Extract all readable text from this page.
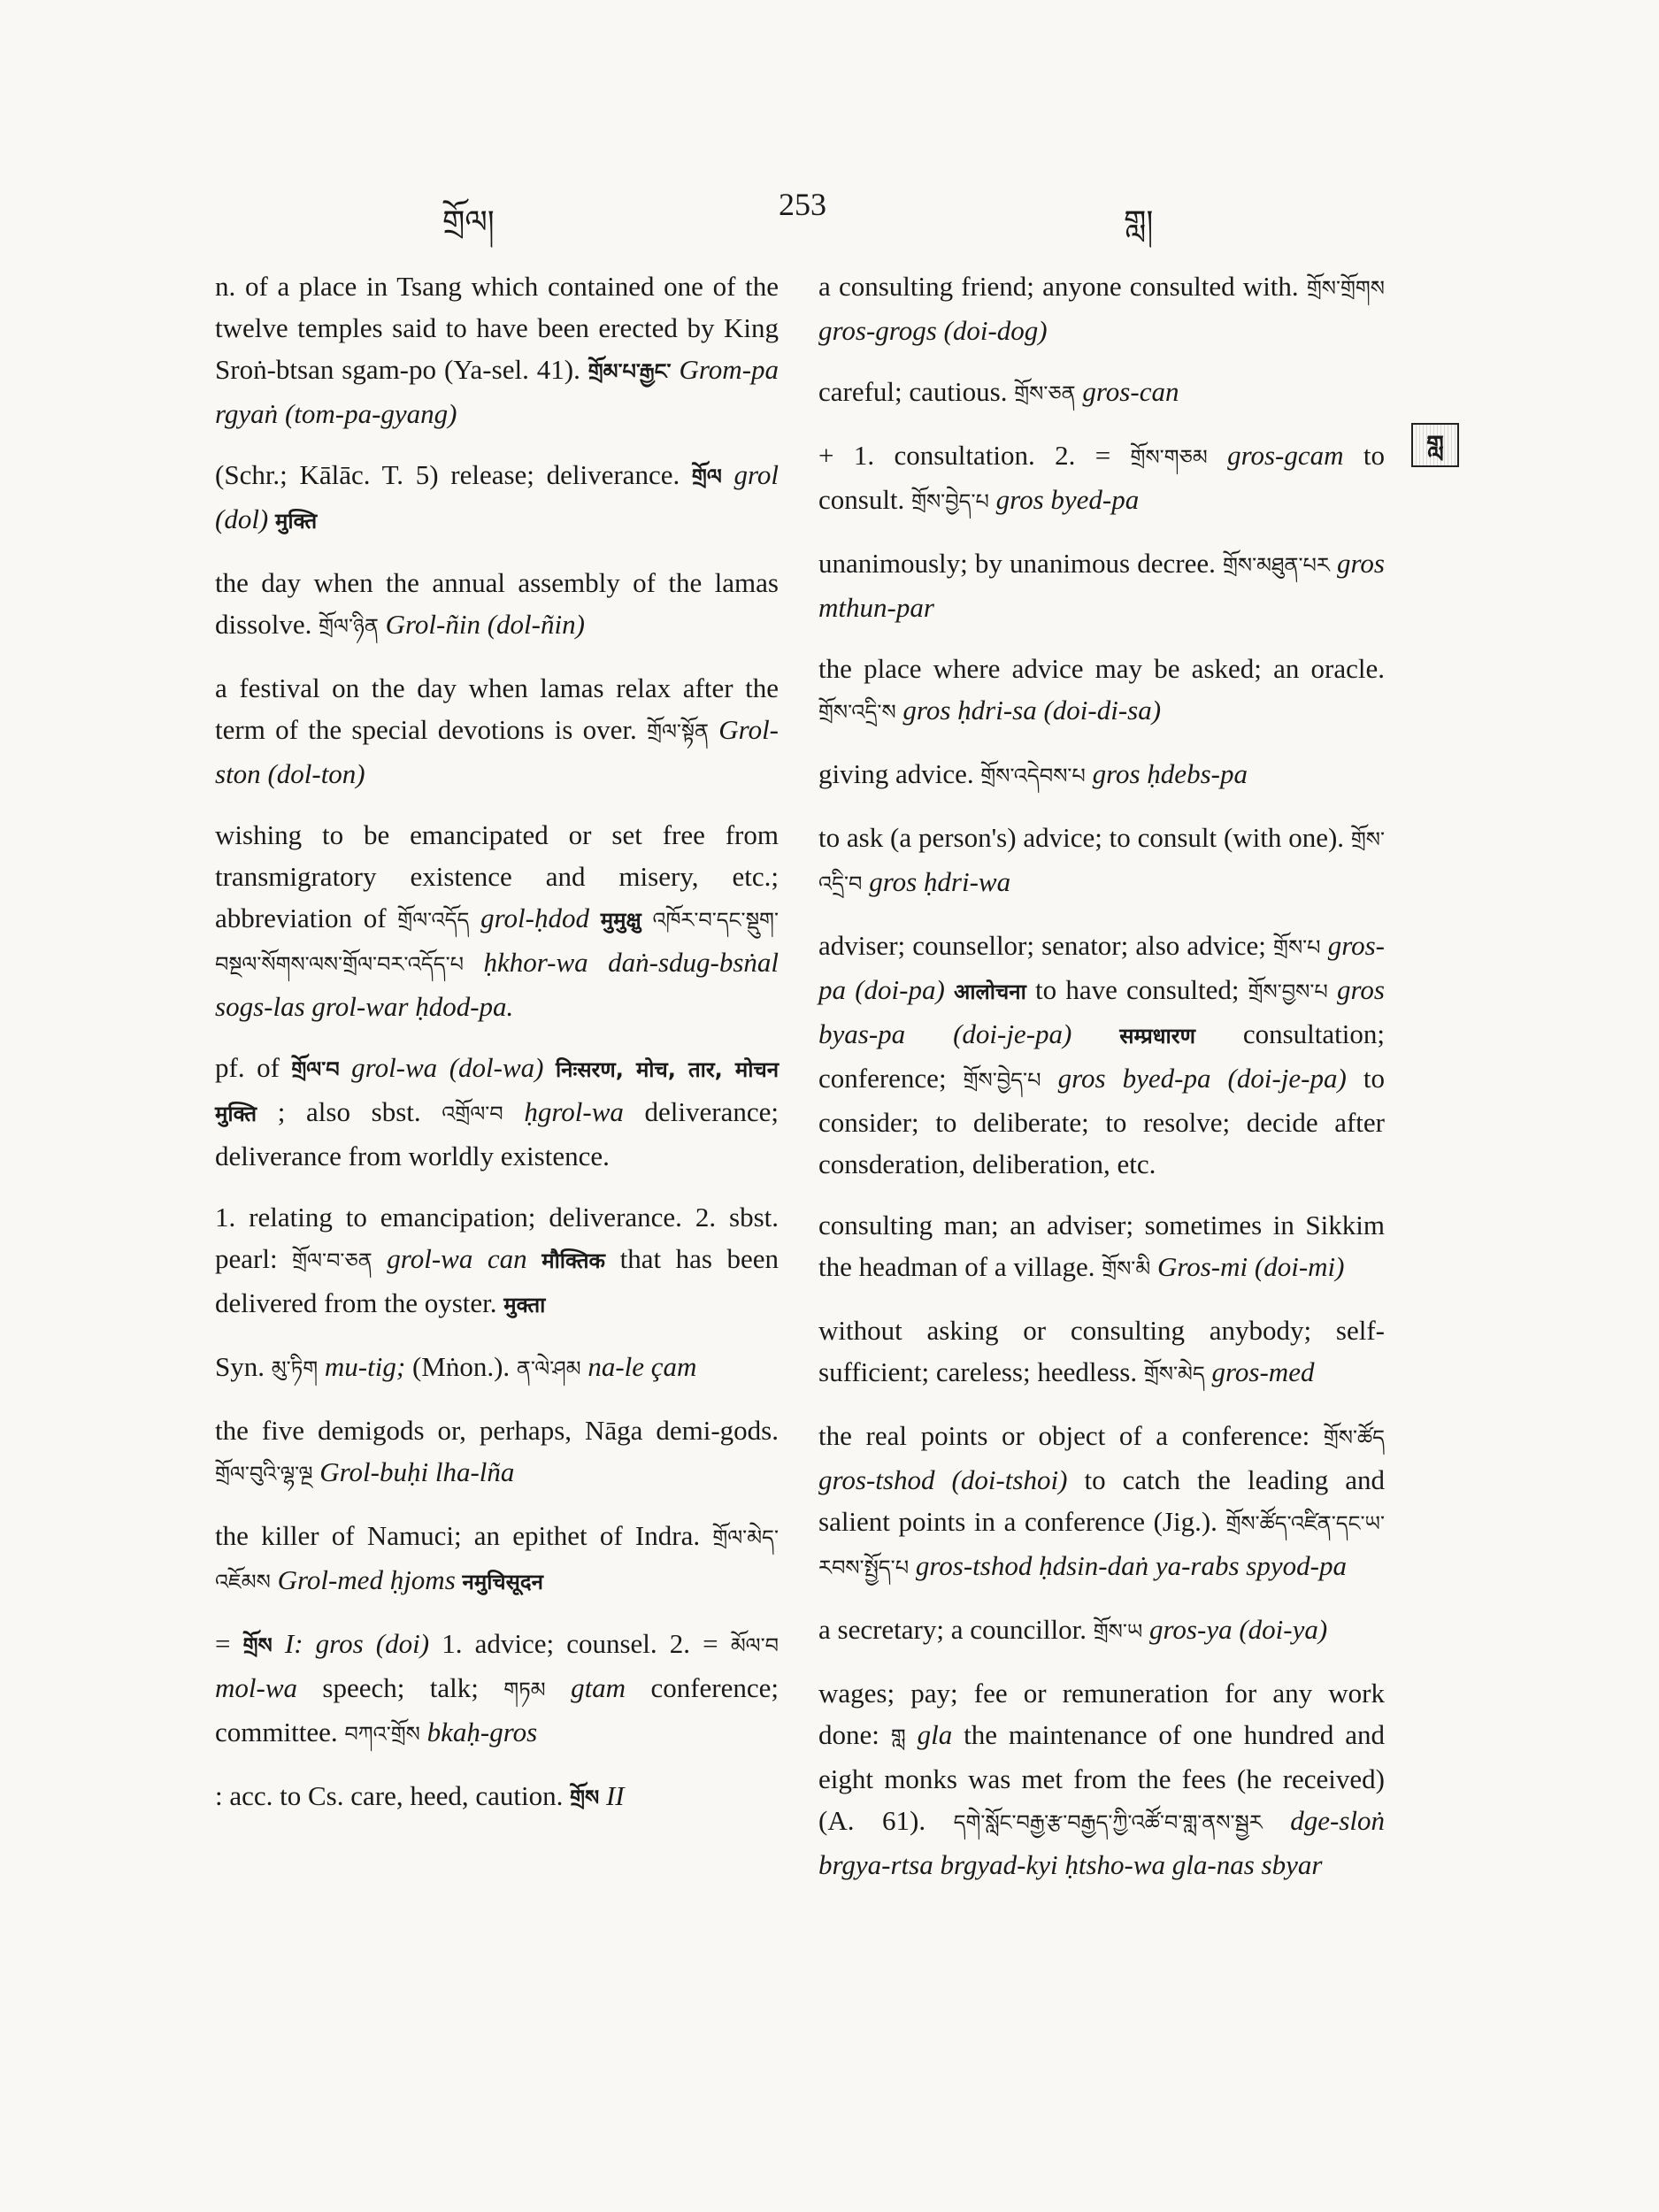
གྲོལ།	253	གླ།
གླ

n. of a place in Tsang which contained one of the twelve temples said to have been erected by King Sroṅ-btsan sgam-po (Ya-sel. 41). གྲོམ་པ་རྒྱང་ Grom-pa rgyaṅ (tom-pa-gyang)

(Schr.; Kālāc. T. 5) release; deliverance. གྲོལ grol (dol) मुक्ति

the day when the annual assembly of the lamas dissolve. གྲོལ་ཉིན Grol-ñin (dol-ñin)

a festival on the day when lamas relax after the term of the special devotions is over. གྲོལ་སྟོན Grol-ston (dol-ton)

wishing to be emancipated or set free from transmigratory existence and misery, etc.; abbreviation of གྲོལ་འདོད grol-ḥdod मुमुक्षु འཁོར་བ་དང་སྡུག་བསྔལ་སོགས་ལས་གྲོལ་བར་འདོད་པ ḥkhor-wa daṅ-sdug-bsṅal sogs-las grol-war ḥdod-pa.

pf. of གྲོལ་བ grol-wa (dol-wa) निःसरण, मोच, तार, मोचन मुक्ति ; also sbst. འགྲོལ་བ ḥgrol-wa deliverance; deliverance from worldly existence.

1. relating to emancipation; deliverance. 2. sbst. pearl: གྲོལ་བ་ཅན grol-wa can मौक्तिक that has been delivered from the oyster. मुक्ता

Syn. མུ་ཏིག mu-tig; (Mṅon.). ན་ལེ་ཤམ na-le çam

the five demigods or, perhaps, Nāga demi-gods. གྲོལ་བུའི་ལྷ་ལྔ Grol-buḥi lha-lña

the killer of Namuci; an epithet of Indra. གྲོལ་མེད་འཇོམས Grol-med ḥjoms नमुचिसूदन

= གྲོས I: gros (doi) 1. advice; counsel. 2. = མོལ་བ mol-wa speech; talk; གཏམ gtam conference; committee. བཀའ་གྲོས bkaḥ-gros

: acc. to Cs. care, heed, caution. གྲོས II

a consulting friend; anyone consulted with. གྲོས་གྲོགས gros-grogs (doi-dog)

careful; cautious. གྲོས་ཅན gros-can

+ 1. consultation. 2. = གྲོས་གཅམ gros-gcam to consult. གྲོས་བྱེད་པ gros byed-pa

unanimously; by unanimous decree. གྲོས་མཐུན་པར gros mthun-par

the place where advice may be asked; an oracle. གྲོས་འདྲི་ས gros ḥdri-sa (doi-di-sa)

giving advice. གྲོས་འདེབས་པ gros ḥdebs-pa

to ask (a person's) advice; to consult (with one). གྲོས་འདྲི་བ gros ḥdri-wa

adviser; counsellor; senator; also advice; གྲོས་པ gros-pa (doi-pa) आलोचना to have consulted; གྲོས་བྱས་པ gros byas-pa (doi-je-pa) सम्प्रधारण consultation; conference; གྲོས་བྱེད་པ gros byed-pa (doi-je-pa) to consider; to deliberate; to resolve; decide after consderation, deliberation, etc.

consulting man; an adviser; sometimes in Sikkim the headman of a village. གྲོས་མི Gros-mi (doi-mi)

without asking or consulting anybody; self-sufficient; careless; heedless. གྲོས་མེད gros-med

the real points or object of a conference: གྲོས་ཚོད gros-tshod (doi-tshoi) to catch the leading and salient points in a conference (Jig.). གྲོས་ཚོད་འཛིན་དང་ཡ་རབས་སྤྱོད་པ gros-tshod ḥdsin-daṅ ya-rabs spyod-pa

a secretary; a councillor. གྲོས་ཡ gros-ya (doi-ya)

wages; pay; fee or remuneration for any work done: གླ gla the maintenance of one hundred and eight monks was met from the fees (he received) (A. 61). དགེ་སློང་བརྒྱ་རྩ་བརྒྱད་ཀྱི་འཚོ་བ་གླ་ནས་སྦྱར dge-sloṅ brgya-rtsa brgyad-kyi ḥtsho-wa gla-nas sbyar
